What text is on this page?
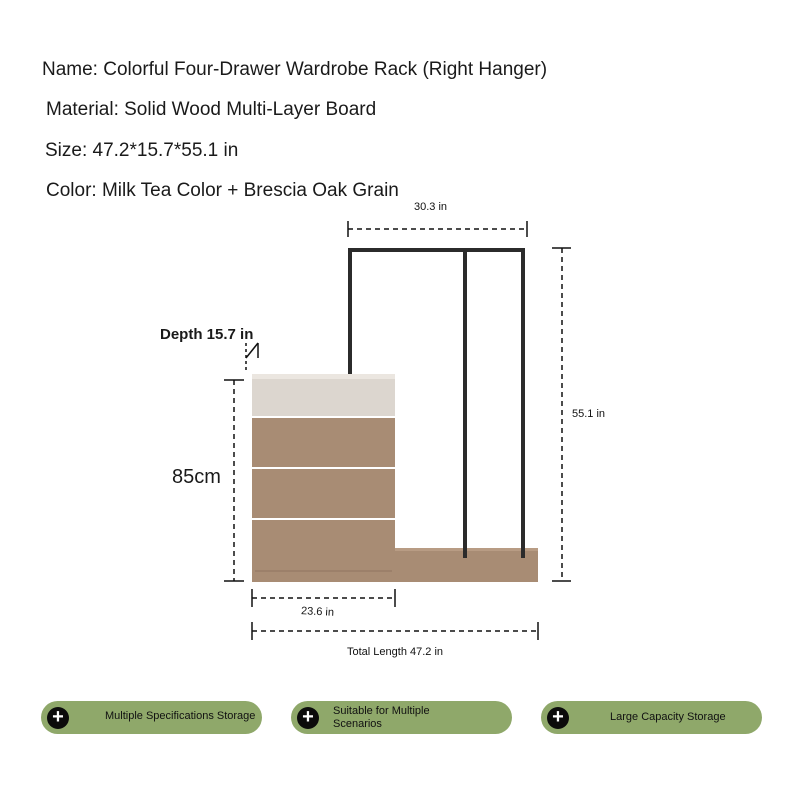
Name: Colorful Four-Drawer Wardrobe Rack (Right Hanger)
Material: Solid Wood Multi-Layer Board
Size: 47.2*15.7*55.1 in
Color: Milk Tea Color + Brescia Oak Grain
30.3 in
Depth 15.7 in
85cm
55.1 in
23.6 in
Total Length 47.2 in
+	Multiple Specifications Storage +	Suitable for Multiple Scenarios	+	Large Capacity Storage
